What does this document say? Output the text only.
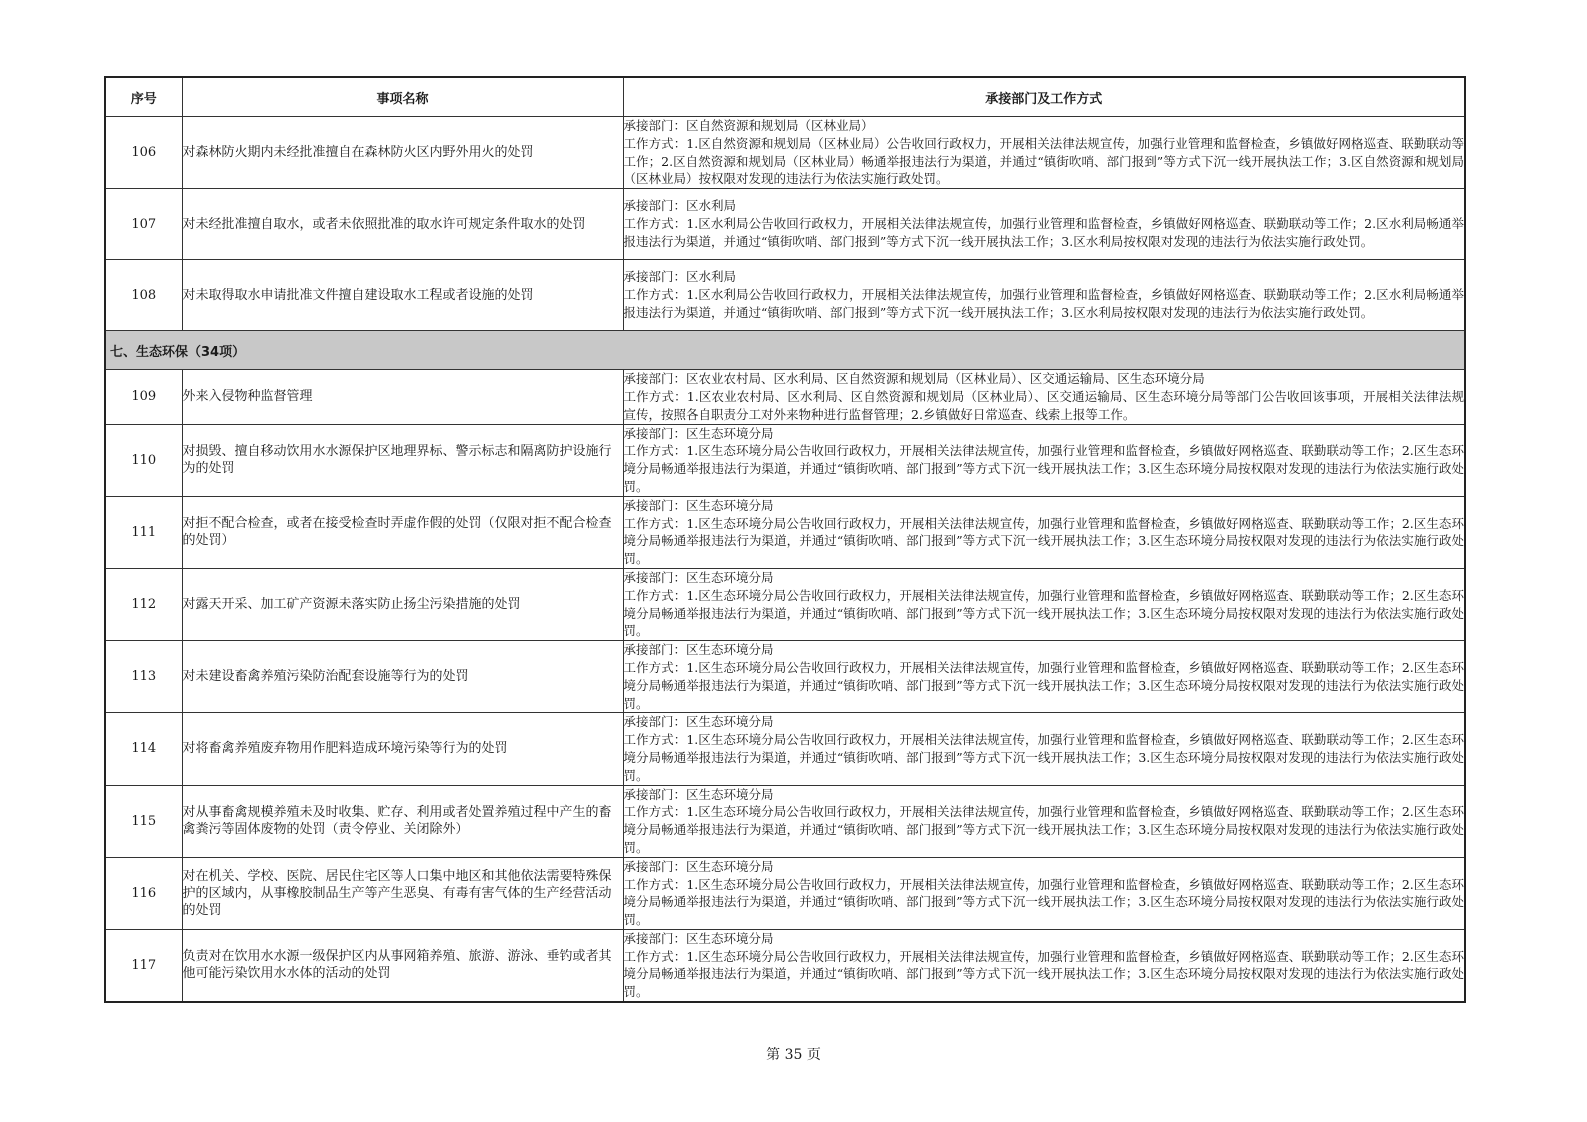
序号	事项名称	承接部门及工作方式
106	对森林防火期内未经批准擅自在森林防火区内野外用火的处罚	承接部门：区自然资源和规划局（区林业局）
工作方式：1.区自然资源和规划局（区林业局）公告收回行政权力，开展相关法律法规宣传，加强行业管理和监督检查，乡镇做好网格巡查、联勤联动等工作；2.区自然资源和规划局（区林业局）畅通举报违法行为渠道，并通过“镇街吹哨、部门报到”等方式下沉一线开展执法工作；3.区自然资源和规划局（区林业局）按权限对发现的违法行为依法实施行政处罚。

107	对未经批准擅自取水，或者未依照批准的取水许可规定条件取水的处罚	承接部门：区水利局
工作方式：1.区水利局公告收回行政权力，开展相关法律法规宣传，加强行业管理和监督检查，乡镇做好网格巡查、联勤联动等工作；2.区水利局畅通举报违法行为渠道，并通过“镇街吹哨、部门报到”等方式下沉一线开展执法工作；3.区水利局按权限对发现的违法行为依法实施行政处罚。

108	对未取得取水申请批准文件擅自建设取水工程或者设施的处罚	承接部门：区水利局
工作方式：1.区水利局公告收回行政权力，开展相关法律法规宣传，加强行业管理和监督检查，乡镇做好网格巡查、联勤联动等工作；2.区水利局畅通举报违法行为渠道，并通过“镇街吹哨、部门报到”等方式下沉一线开展执法工作；3.区水利局按权限对发现的违法行为依法实施行政处罚。

七、生态环保（34项）		
109	外来入侵物种监督管理	承接部门：区农业农村局、区水利局、区自然资源和规划局（区林业局）、区交通运输局、区生态环境分局
工作方式：1.区农业农村局、区水利局、区自然资源和规划局（区林业局）、区交通运输局、区生态环境分局等部门公告收回该事项，开展相关法律法规宣传，按照各自职责分工对外来物种进行监督管理；2.乡镇做好日常巡查、线索上报等工作。

110	对损毁、擅自移动饮用水水源保护区地理界标、警示标志和隔离防护设施行为的处罚	承接部门：区生态环境分局
工作方式：1.区生态环境分局公告收回行政权力，开展相关法律法规宣传，加强行业管理和监督检查，乡镇做好网格巡查、联勤联动等工作；2.区生态环境分局畅通举报违法行为渠道，并通过“镇街吹哨、部门报到”等方式下沉一线开展执法工作；3.区生态环境分局按权限对发现的违法行为依法实施行政处罚。

111	对拒不配合检查，或者在接受检查时弄虚作假的处罚（仅限对拒不配合检查的处罚）	承接部门：区生态环境分局
工作方式：1.区生态环境分局公告收回行政权力，开展相关法律法规宣传，加强行业管理和监督检查，乡镇做好网格巡查、联勤联动等工作；2.区生态环境分局畅通举报违法行为渠道，并通过“镇街吹哨、部门报到”等方式下沉一线开展执法工作；3.区生态环境分局按权限对发现的违法行为依法实施行政处罚。

112	对露天开采、加工矿产资源未落实防止扬尘污染措施的处罚	承接部门：区生态环境分局
工作方式：1.区生态环境分局公告收回行政权力，开展相关法律法规宣传，加强行业管理和监督检查，乡镇做好网格巡查、联勤联动等工作；2.区生态环境分局畅通举报违法行为渠道，并通过“镇街吹哨、部门报到”等方式下沉一线开展执法工作；3.区生态环境分局按权限对发现的违法行为依法实施行政处罚。

113	对未建设畜禽养殖污染防治配套设施等行为的处罚	承接部门：区生态环境分局
工作方式：1.区生态环境分局公告收回行政权力，开展相关法律法规宣传，加强行业管理和监督检查，乡镇做好网格巡查、联勤联动等工作；2.区生态环境分局畅通举报违法行为渠道，并通过“镇街吹哨、部门报到”等方式下沉一线开展执法工作；3.区生态环境分局按权限对发现的违法行为依法实施行政处罚。

114	对将畜禽养殖废弃物用作肥料造成环境污染等行为的处罚	承接部门：区生态环境分局
工作方式：1.区生态环境分局公告收回行政权力，开展相关法律法规宣传，加强行业管理和监督检查，乡镇做好网格巡查、联勤联动等工作；2.区生态环境分局畅通举报违法行为渠道，并通过“镇街吹哨、部门报到”等方式下沉一线开展执法工作；3.区生态环境分局按权限对发现的违法行为依法实施行政处罚。

115	对从事畜禽规模养殖未及时收集、贮存、利用或者处置养殖过程中产生的畜禽粪污等固体废物的处罚（责令停业、关闭除外）	承接部门：区生态环境分局
工作方式：1.区生态环境分局公告收回行政权力，开展相关法律法规宣传，加强行业管理和监督检查，乡镇做好网格巡查、联勤联动等工作；2.区生态环境分局畅通举报违法行为渠道，并通过“镇街吹哨、部门报到”等方式下沉一线开展执法工作；3.区生态环境分局按权限对发现的违法行为依法实施行政处罚。

116	对在机关、学校、医院、居民住宅区等人口集中地区和其他依法需要特殊保护的区域内，从事橡胶制品生产等产生恶臭、有毒有害气体的生产经营活动的处罚	承接部门：区生态环境分局
工作方式：1.区生态环境分局公告收回行政权力，开展相关法律法规宣传，加强行业管理和监督检查，乡镇做好网格巡查、联勤联动等工作；2.区生态环境分局畅通举报违法行为渠道，并通过“镇街吹哨、部门报到”等方式下沉一线开展执法工作；3.区生态环境分局按权限对发现的违法行为依法实施行政处罚。

117	负责对在饮用水水源一级保护区内从事网箱养殖、旅游、游泳、垂钓或者其他可能污染饮用水水体的活动的处罚	承接部门：区生态环境分局
工作方式：1.区生态环境分局公告收回行政权力，开展相关法律法规宣传，加强行业管理和监督检查，乡镇做好网格巡查、联勤联动等工作；2.区生态环境分局畅通举报违法行为渠道，并通过“镇街吹哨、部门报到”等方式下沉一线开展执法工作；3.区生态环境分局按权限对发现的违法行为依法实施行政处罚。
第 35 页
